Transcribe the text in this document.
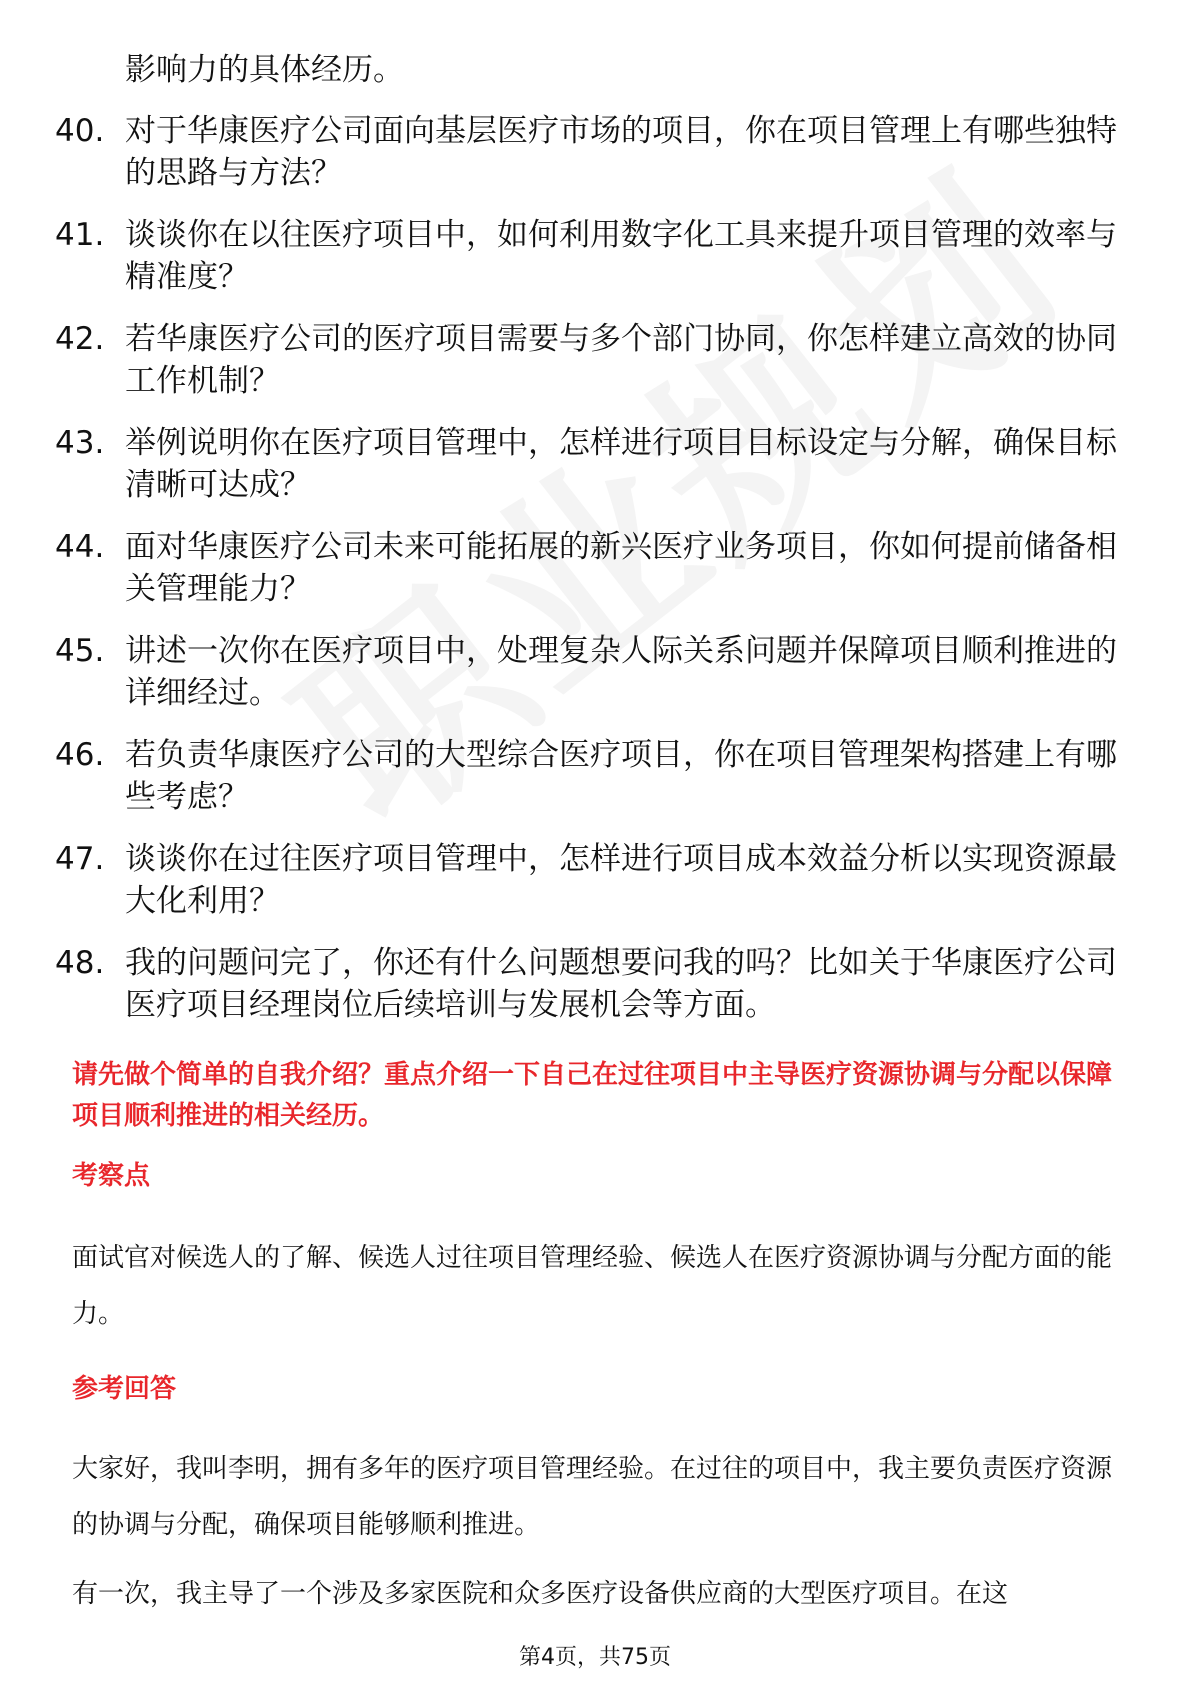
影响力的具体经历。
40. 对于华康医疗公司面向基层医疗市场的项目，你在项目管理上有哪些独特的思路与方法？
41. 谈谈你在以往医疗项目中，如何利用数字化工具来提升项目管理的效率与精准度？
42. 若华康医疗公司的医疗项目需要与多个部门协同，你怎样建立高效的协同工作机制？
43. 举例说明你在医疗项目管理中，怎样进行项目目标设定与分解，确保目标清晰可达成？
44. 面对华康医疗公司未来可能拓展的新兴医疗业务项目，你如何提前储备相关管理能力？
45. 讲述一次你在医疗项目中，处理复杂人际关系问题并保障项目顺利推进的详细经过。
46. 若负责华康医疗公司的大型综合医疗项目，你在项目管理架构搭建上有哪些考虑？
47. 谈谈你在过往医疗项目管理中，怎样进行项目成本效益分析以实现资源最大化利用？
48. 我的问题问完了，你还有什么问题想要问我的吗？比如关于华康医疗公司医疗项目经理岗位后续培训与发展机会等方面。
请先做个简单的自我介绍？重点介绍一下自己在过往项目中主导医疗资源协调与分配以保障项目顺利推进的相关经历。
考察点
面试官对候选人的了解、候选人过往项目管理经验、候选人在医疗资源协调与分配方面的能力。
参考回答
大家好，我叫李明，拥有多年的医疗项目管理经验。在过往的项目中，我主要负责医疗资源的协调与分配，确保项目能够顺利推进。
有一次，我主导了一个涉及多家医院和众多医疗设备供应商的大型医疗项目。在这
第4页，共75页
